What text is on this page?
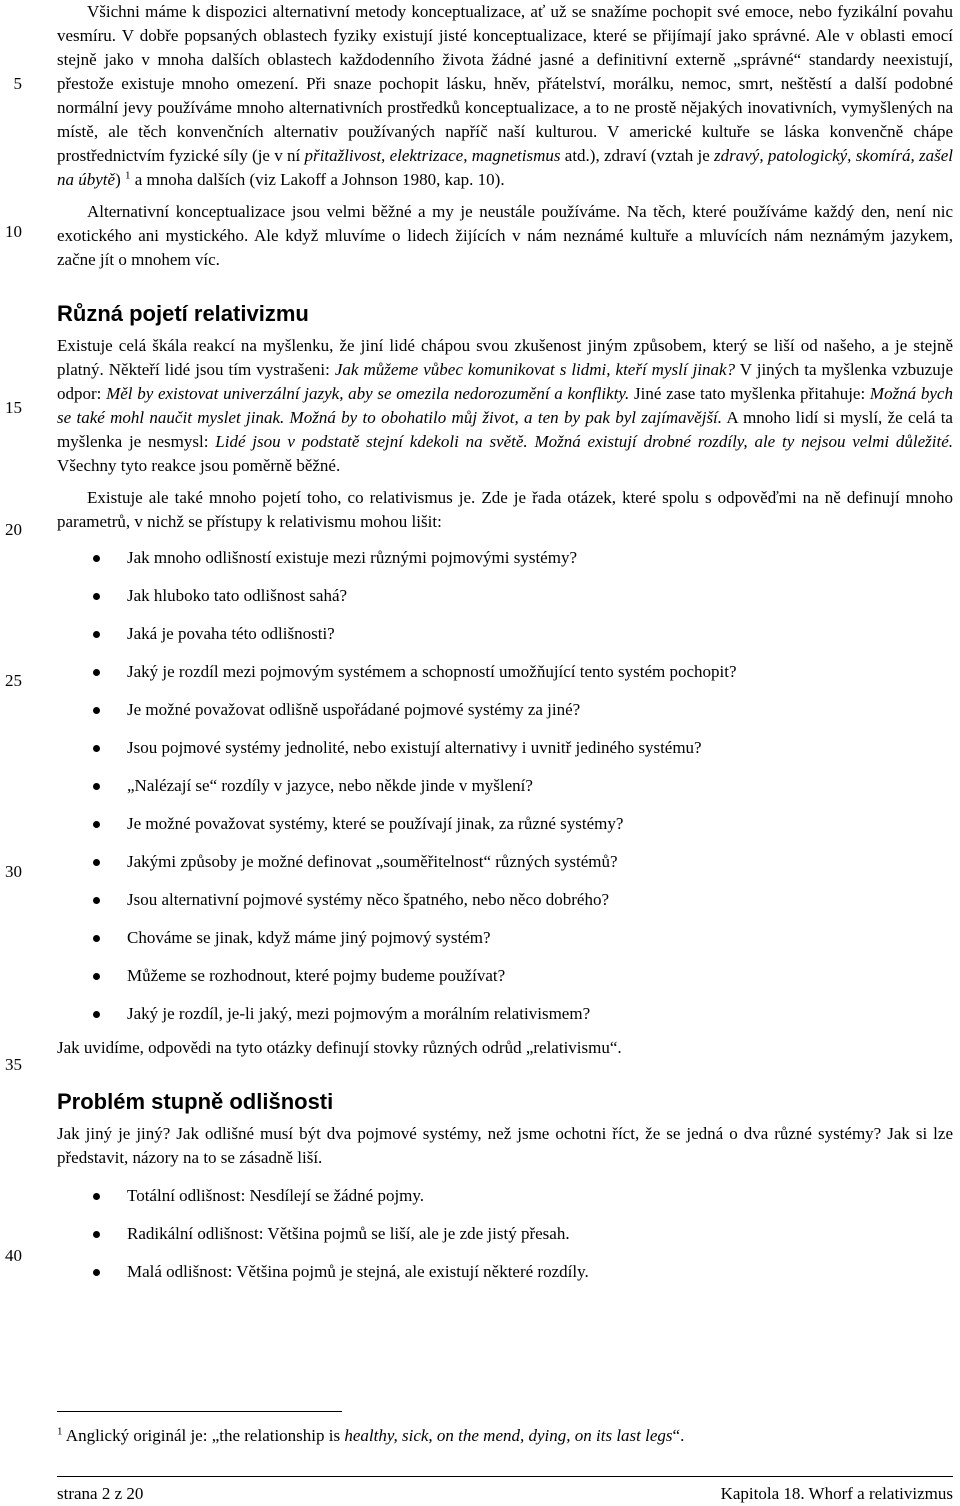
5
10
15
20
25
30
35
40

Všichni máme k dispozici alternativní metody konceptualizace, ať už se snažíme pochopit své emoce, nebo fyzikální povahu vesmíru. V dobře popsaných oblastech fyziky existují jisté konceptualizace, které se přijímají jako správné. Ale v oblasti emocí stejně jako v mnoha dalších oblastech každodenního života žádné jasné a definitivní externě „správné“ standardy neexistují, přestože existuje mnoho omezení. Při snaze pochopit lásku, hněv, přátelství, morálku, nemoc, smrt, neštěstí a další podobné normální jevy používáme mnoho alternativních prostředků konceptualizace, a to ne prostě nějakých inovativních, vymyšlených na místě, ale těch konvenčních alternativ používaných napříč naší kulturou. V americké kultuře se láska konvenčně chápe prostřednictvím fyzické síly (je v ní přitažlivost, elektrizace, magnetismus atd.), zdraví (vztah je zdravý, patologický, skomírá, zašel na úbytě) $^1$ a mnoha dalších (viz Lakoff a Johnson 1980, kap. 10).

Alternativní konceptualizace jsou velmi běžné a my je neustále používáme. Na těch, které používáme každý den, není nic exotického ani mystického. Ale když mluvíme o lidech žijících v nám neznámé kultuře a mluvících nám neznámým jazykem, začne jít o mnohem víc.

Různá pojetí relativizmu

Existuje celá škála reakcí na myšlenku, že jiní lidé chápou svou zkušenost jiným způsobem, který se liší od našeho, a je stejně platný. Někteří lidé jsou tím vystrašeni: Jak můžeme vůbec komunikovat s lidmi, kteří myslí jinak? V jiných ta myšlenka vzbuzuje odpor: Měl by existovat univerzální jazyk, aby se omezila nedorozumění a konflikty. Jiné zase tato myšlenka přitahuje: Možná bych se také mohl naučit myslet jinak. Možná by to obohatilo můj život, a ten by pak byl zajímavější. A mnoho lidí si myslí, že celá ta myšlenka je nesmysl: Lidé jsou v podstatě stejní kdekoli na světě. Možná existují drobné rozdíly, ale ty nejsou velmi důležité. Všechny tyto reakce jsou poměrně běžné.

Existuje ale také mnoho pojetí toho, co relativismus je. Zde je řada otázek, které spolu s odpověďmi na ně definují mnoho parametrů, v nichž se přístupy k relativismu mohou lišit:

Jak mnoho odlišností existuje mezi různými pojmovými systémy?
Jak hluboko tato odlišnost sahá?
Jaká je povaha této odlišnosti?
Jaký je rozdíl mezi pojmovým systémem a schopností umožňující tento systém pochopit?
Je možné považovat odlišně uspořádané pojmové systémy za jiné?
Jsou pojmové systémy jednolité, nebo existují alternativy i uvnitř jediného systému?
„Nalézají se“ rozdíly v jazyce, nebo někde jinde v myšlení?
Je možné považovat systémy, které se používají jinak, za různé systémy?
Jakými způsoby je možné definovat „souměřitelnost“ různých systémů?
Jsou alternativní pojmové systémy něco špatného, nebo něco dobrého?
Chováme se jinak, když máme jiný pojmový systém?
Můžeme se rozhodnout, které pojmy budeme používat?
Jaký je rozdíl, je-li jaký, mezi pojmovým a morálním relativismem?

Jak uvidíme, odpovědi na tyto otázky definují stovky různých odrůd „relativismu“.

Problém stupně odlišnosti

Jak jiný je jiný? Jak odlišné musí být dva pojmové systémy, než jsme ochotni říct, že se jedná o dva různé systémy? Jak si lze představit, názory na to se zásadně liší.

Totální odlišnost: Nesdílejí se žádné pojmy.
Radikální odlišnost: Většina pojmů se liší, ale je zde jistý přesah.
Malá odlišnost: Většina pojmů je stejná, ale existují některé rozdíly.
$^1$ Anglický originál je: „the relationship is healthy, sick, on the mend, dying, on its last legs“.
strana 2 z 20	Kapitola 18. Whorf a relativizmus
